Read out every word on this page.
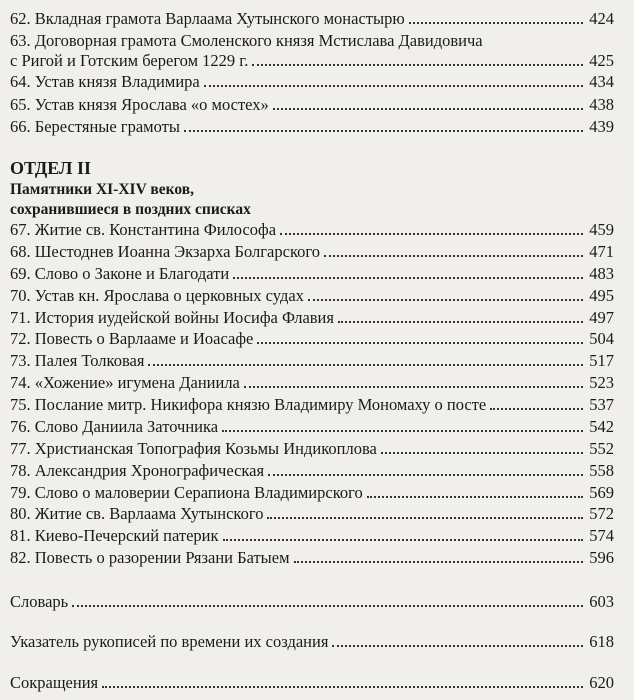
62. Вкладная грамота Варлаама Хутынского монастырю	424
63. Договорная грамота Смоленского князя Мстислава Давидовича
с Ригой и Готским берегом 1229 г.	425
64. Устав князя Владимира	434
65. Устав князя Ярослава «о мостех»	438
66. Берестяные грамоты	439
ОТДЕЛ II
Памятники XI-XIV веков,
сохранившиеся в поздних списках
67. Житие св. Константина Философа	459
68. Шестоднев Иоанна Экзарха Болгарского	471
69. Слово о Законе и Благодати	483
70. Устав кн. Ярослава о церковных судах	495
71. История иудейской войны Иосифа Флавия	497
72. Повесть о Варлааме и Иоасафе	504
73. Палея Толковая	517
74. «Хожение» игумена Даниила	523
75. Послание митр. Никифора князю Владимиру Мономаху о посте	537
76. Слово Даниила Заточника	542
77. Христианская Топография Козьмы Индикоплова	552
78. Александрия Хронографическая	558
79. Слово о маловерии Серапиона Владимирского	569
80. Житие св. Варлаама Хутынского	572
81. Киево-Печерский патерик	574
82. Повесть о разорении Рязани Батыем	596
Словарь	603
Указатель рукописей по времени их создания	618
Сокращения	620
